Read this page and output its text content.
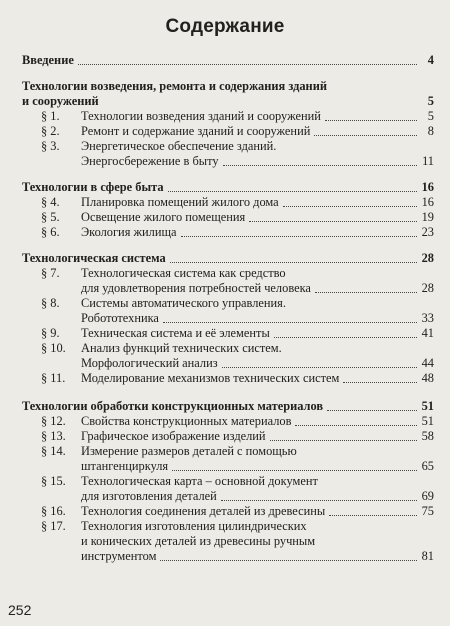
Содержание
Введение	4
Технологии возведения, ремонта и содержания зданий
и сооружений	5
§ 1.	Технологии возведения зданий и сооружений	5
§ 2.	Ремонт и содержание зданий и сооружений	8
§ 3.	Энергетическое обеспечение зданий.
Энергосбережение в быту	11
Технологии в сфере быта	16
§ 4.	Планировка помещений жилого дома	16
§ 5.	Освещение жилого помещения	19
§ 6.	Экология жилища	23
Технологическая система	28
§ 7.	Технологическая система как средство
для удовлетворения потребностей человека	28
§ 8.	Системы автоматического управления.
Робототехника	33
§ 9.	Техническая система и её элементы	41
§ 10.	Анализ функций технических систем.
Морфологический анализ	44
§ 11.	Моделирование механизмов технических систем	48
Технологии обработки конструкционных материалов	51
§ 12.	Свойства конструкционных материалов	51
§ 13.	Графическое изображение изделий	58
§ 14.	Измерение размеров деталей с помощью
штангенциркуля	65
§ 15.	Технологическая карта – основной документ
для изготовления деталей	69
§ 16.	Технология соединения деталей из древесины	75
§ 17.	Технология изготовления цилиндрических
и конических деталей из древесины ручным
инструментом	81
252
